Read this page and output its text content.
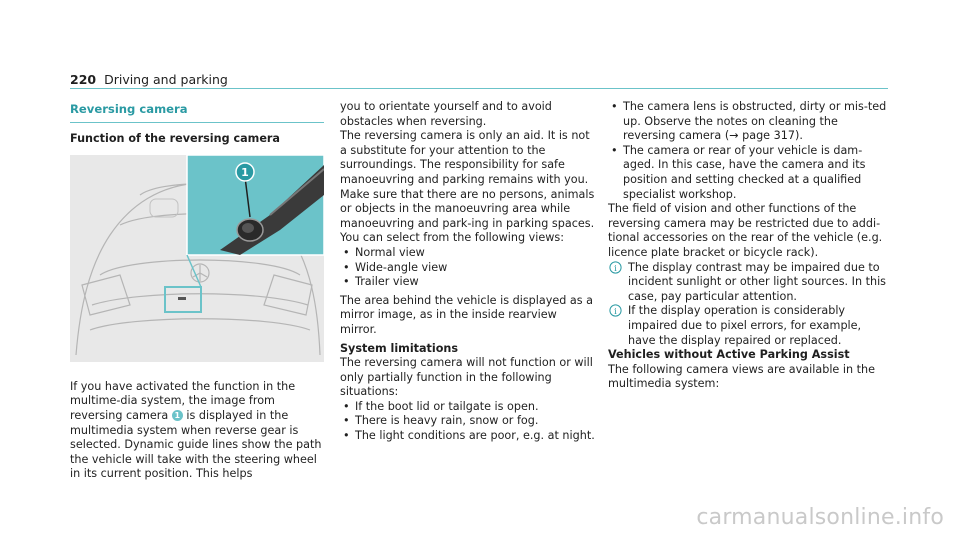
220 Driving and parking
Reversing camera
Function of the reversing camera
1

If you have activated the function in the multime-dia system, the image from reversing camera 1 is displayed in the multimedia system when reverse gear is selected. Dynamic guide lines show the path the vehicle will take with the steering wheel in its current position. This helps

you to orientate yourself and to avoid obstacles when reversing.

The reversing camera is only an aid. It is not a substitute for your attention to the surroundings. The responsibility for safe manoeuvring and parking remains with you. Make sure that there are no persons, animals or objects in the manoeuvring area while manoeuvring and park-ing in parking spaces.

You can select from the following views:

• Normal view
• Wide-angle view
• Trailer view

The area behind the vehicle is displayed as a mirror image, as in the inside rearview mirror.

System limitations

The reversing camera will not function or will only partially function in the following situations:

• If the boot lid or tailgate is open.
• There is heavy rain, snow or fog.
• The light conditions are poor, e.g. at night.
• The camera lens is obstructed, dirty or mis-ted up. Observe the notes on cleaning the reversing camera (→ page 317).
• The camera or rear of your vehicle is dam-aged. In this case, have the camera and its position and setting checked at a qualified specialist workshop.

The field of vision and other functions of the reversing camera may be restricted due to addi-tional accessories on the rear of the vehicle (e.g. licence plate bracket or bicycle rack).

i The display contrast may be impaired due to incident sunlight or other light sources. In this case, pay particular attention.
i If the display operation is considerably impaired due to pixel errors, for example, have the display repaired or replaced.
Vehicles without Active Parking Assist

The following camera views are available in the multimedia system:

carmanualsonline.info
